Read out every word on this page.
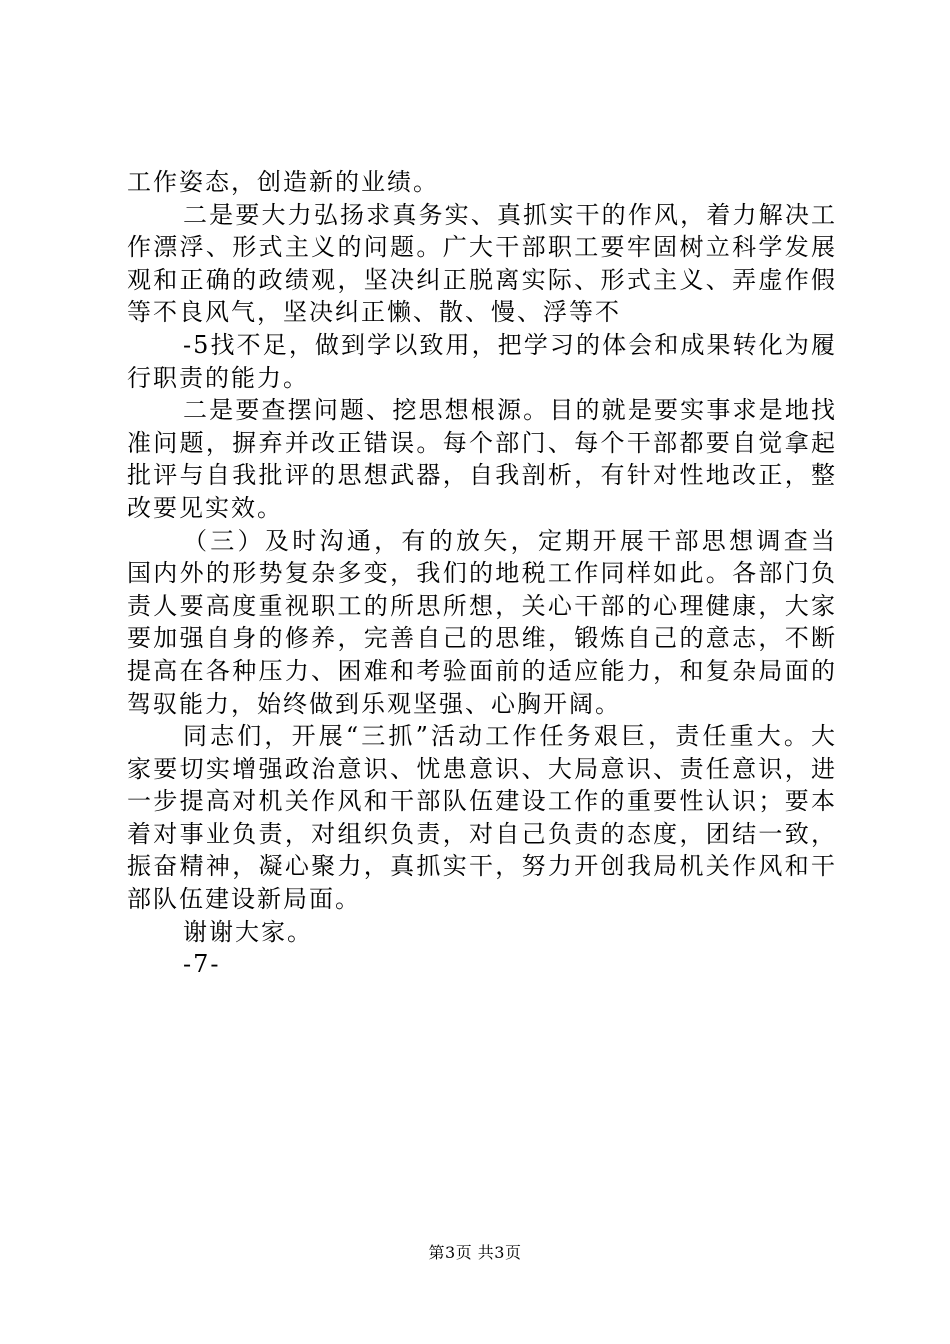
工作姿态，创造新的业绩。
二是要大力弘扬求真务实、真抓实干的作风，着力解决工
作漂浮、形式主义的问题。广大干部职工要牢固树立科学发展
观和正确的政绩观，坚决纠正脱离实际、形式主义、弄虚作假
等不良风气，坚决纠正懒、散、慢、浮等不
-5找不足，做到学以致用，把学习的体会和成果转化为履
行职责的能力。
二是要查摆问题、挖思想根源。目的就是要实事求是地找
准问题，摒弃并改正错误。每个部门、每个干部都要自觉拿起
批评与自我批评的思想武器，自我剖析，有针对性地改正，整
改要见实效。
（三）及时沟通，有的放矢，定期开展干部思想调查当
国内外的形势复杂多变，我们的地税工作同样如此。各部门负
责人要高度重视职工的所思所想，关心干部的心理健康，大家
要加强自身的修养，完善自己的思维，锻炼自己的意志，不断
提高在各种压力、困难和考验面前的适应能力，和复杂局面的
驾驭能力，始终做到乐观坚强、心胸开阔。
同志们，开展“三抓”活动工作任务艰巨，责任重大。大
家要切实增强政治意识、忧患意识、大局意识、责任意识，进
一步提高对机关作风和干部队伍建设工作的重要性认识；要本
着对事业负责，对组织负责，对自己负责的态度，团结一致，
振奋精神，凝心聚力，真抓实干，努力开创我局机关作风和干
部队伍建设新局面。
谢谢大家。
-7-
第3页 共3页
